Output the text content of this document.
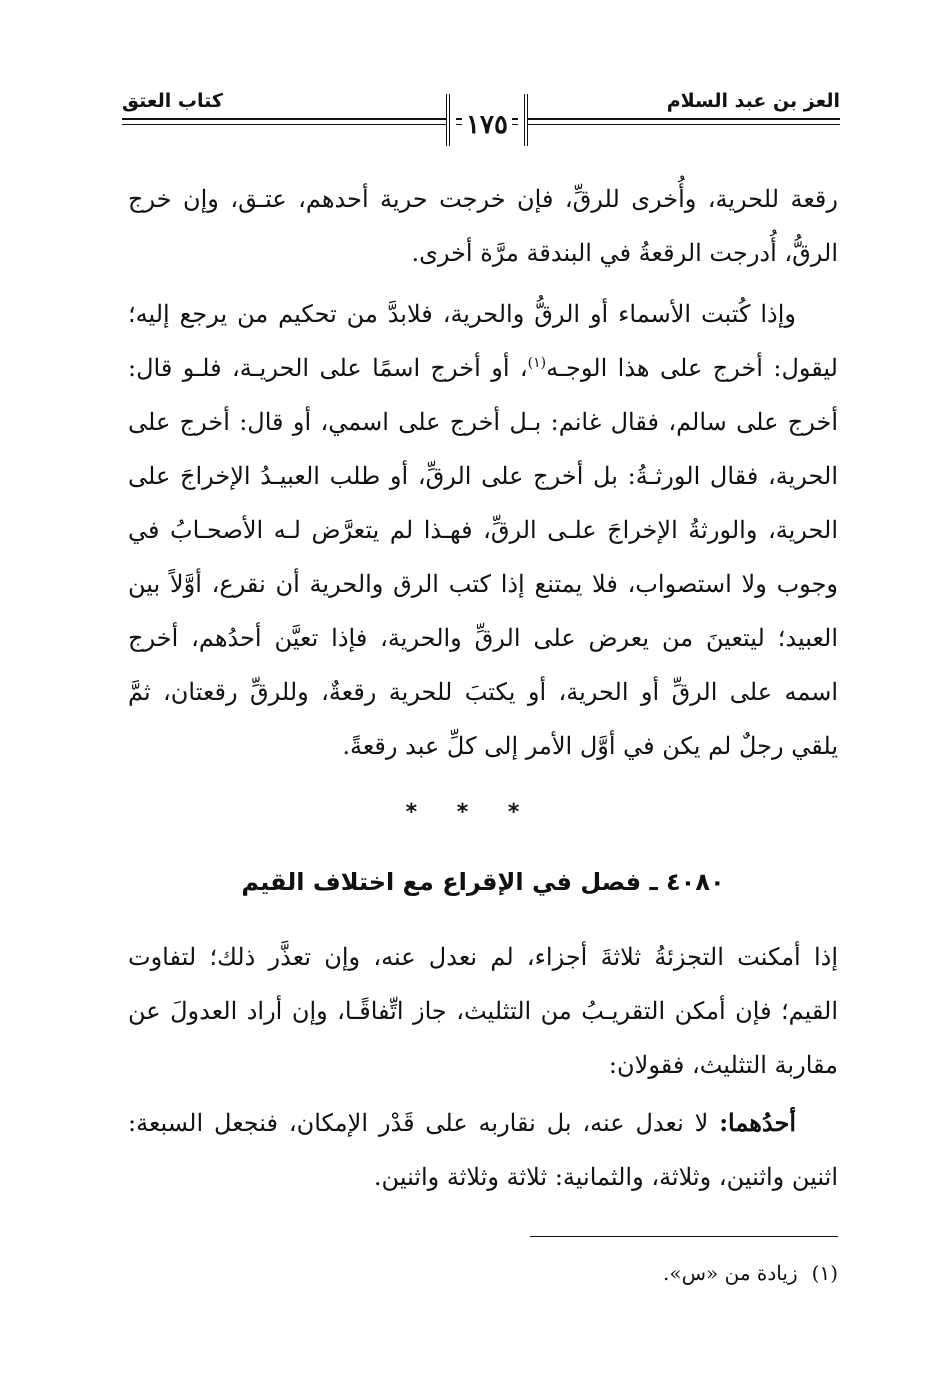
العز بن عبد السلام
كتاب العتق
١٧٥

رقعة للحرية، وأُخرى للرقِّ، فإن خرجت حرية أحدهم، عتـق، وإن خرج الرقُّ، أُدرجت الرقعةُ في البندقة مرَّة أخرى.

وإذا كُتبت الأسماء أو الرقُّ والحرية، فلابدَّ من تحكيم من يرجع إليه؛ ليقول: أخرج على هذا الوجـه$^{(١)}$، أو أخرج اسمًا على الحريـة، فلـو قال: أخرج على سالم، فقال غانم: بـل أخرج على اسمي، أو قال: أخرج على الحرية، فقال الورثـةُ: بل أخرج على الرقِّ، أو طلب العبيـدُ الإخراجَ على الحرية، والورثةُ الإخراجَ علـى الرقِّ، فهـذا لم يتعرَّض لـه الأصحـابُ في وجوب ولا استصواب، فلا يمتنع إذا كتب الرق والحرية أن نقرع، أوَّلاً بين العبيد؛ ليتعينَ من يعرض على الرقِّ والحرية، فإذا تعيَّن أحدُهم، أخرج اسمه على الرقِّ أو الحرية، أو يكتبَ للحرية رقعةٌ، وللرقِّ رقعتان، ثمَّ يلقي رجلٌ لم يكن في أوَّل الأمر إلى كلِّ عبد رقعةً.

* * *
٤٠٨٠ ـ فصل في الإقراع مع اختلاف القيم

إذا أمكنت التجزئةُ ثلاثةَ أجزاء، لم نعدل عنه، وإن تعذَّر ذلك؛ لتفاوت القيم؛ فإن أمكن التقريـبُ من التثليث، جاز اتِّفاقًـا، وإن أراد العدولَ عن مقاربة التثليث، فقولان:

أحدُهما: لا نعدل عنه، بل نقاربه على قَدْر الإمكان، فنجعل السبعة: اثنين واثنين، وثلاثة، والثمانية: ثلاثة وثلاثة واثنين.

(١)زيادة من «س».
